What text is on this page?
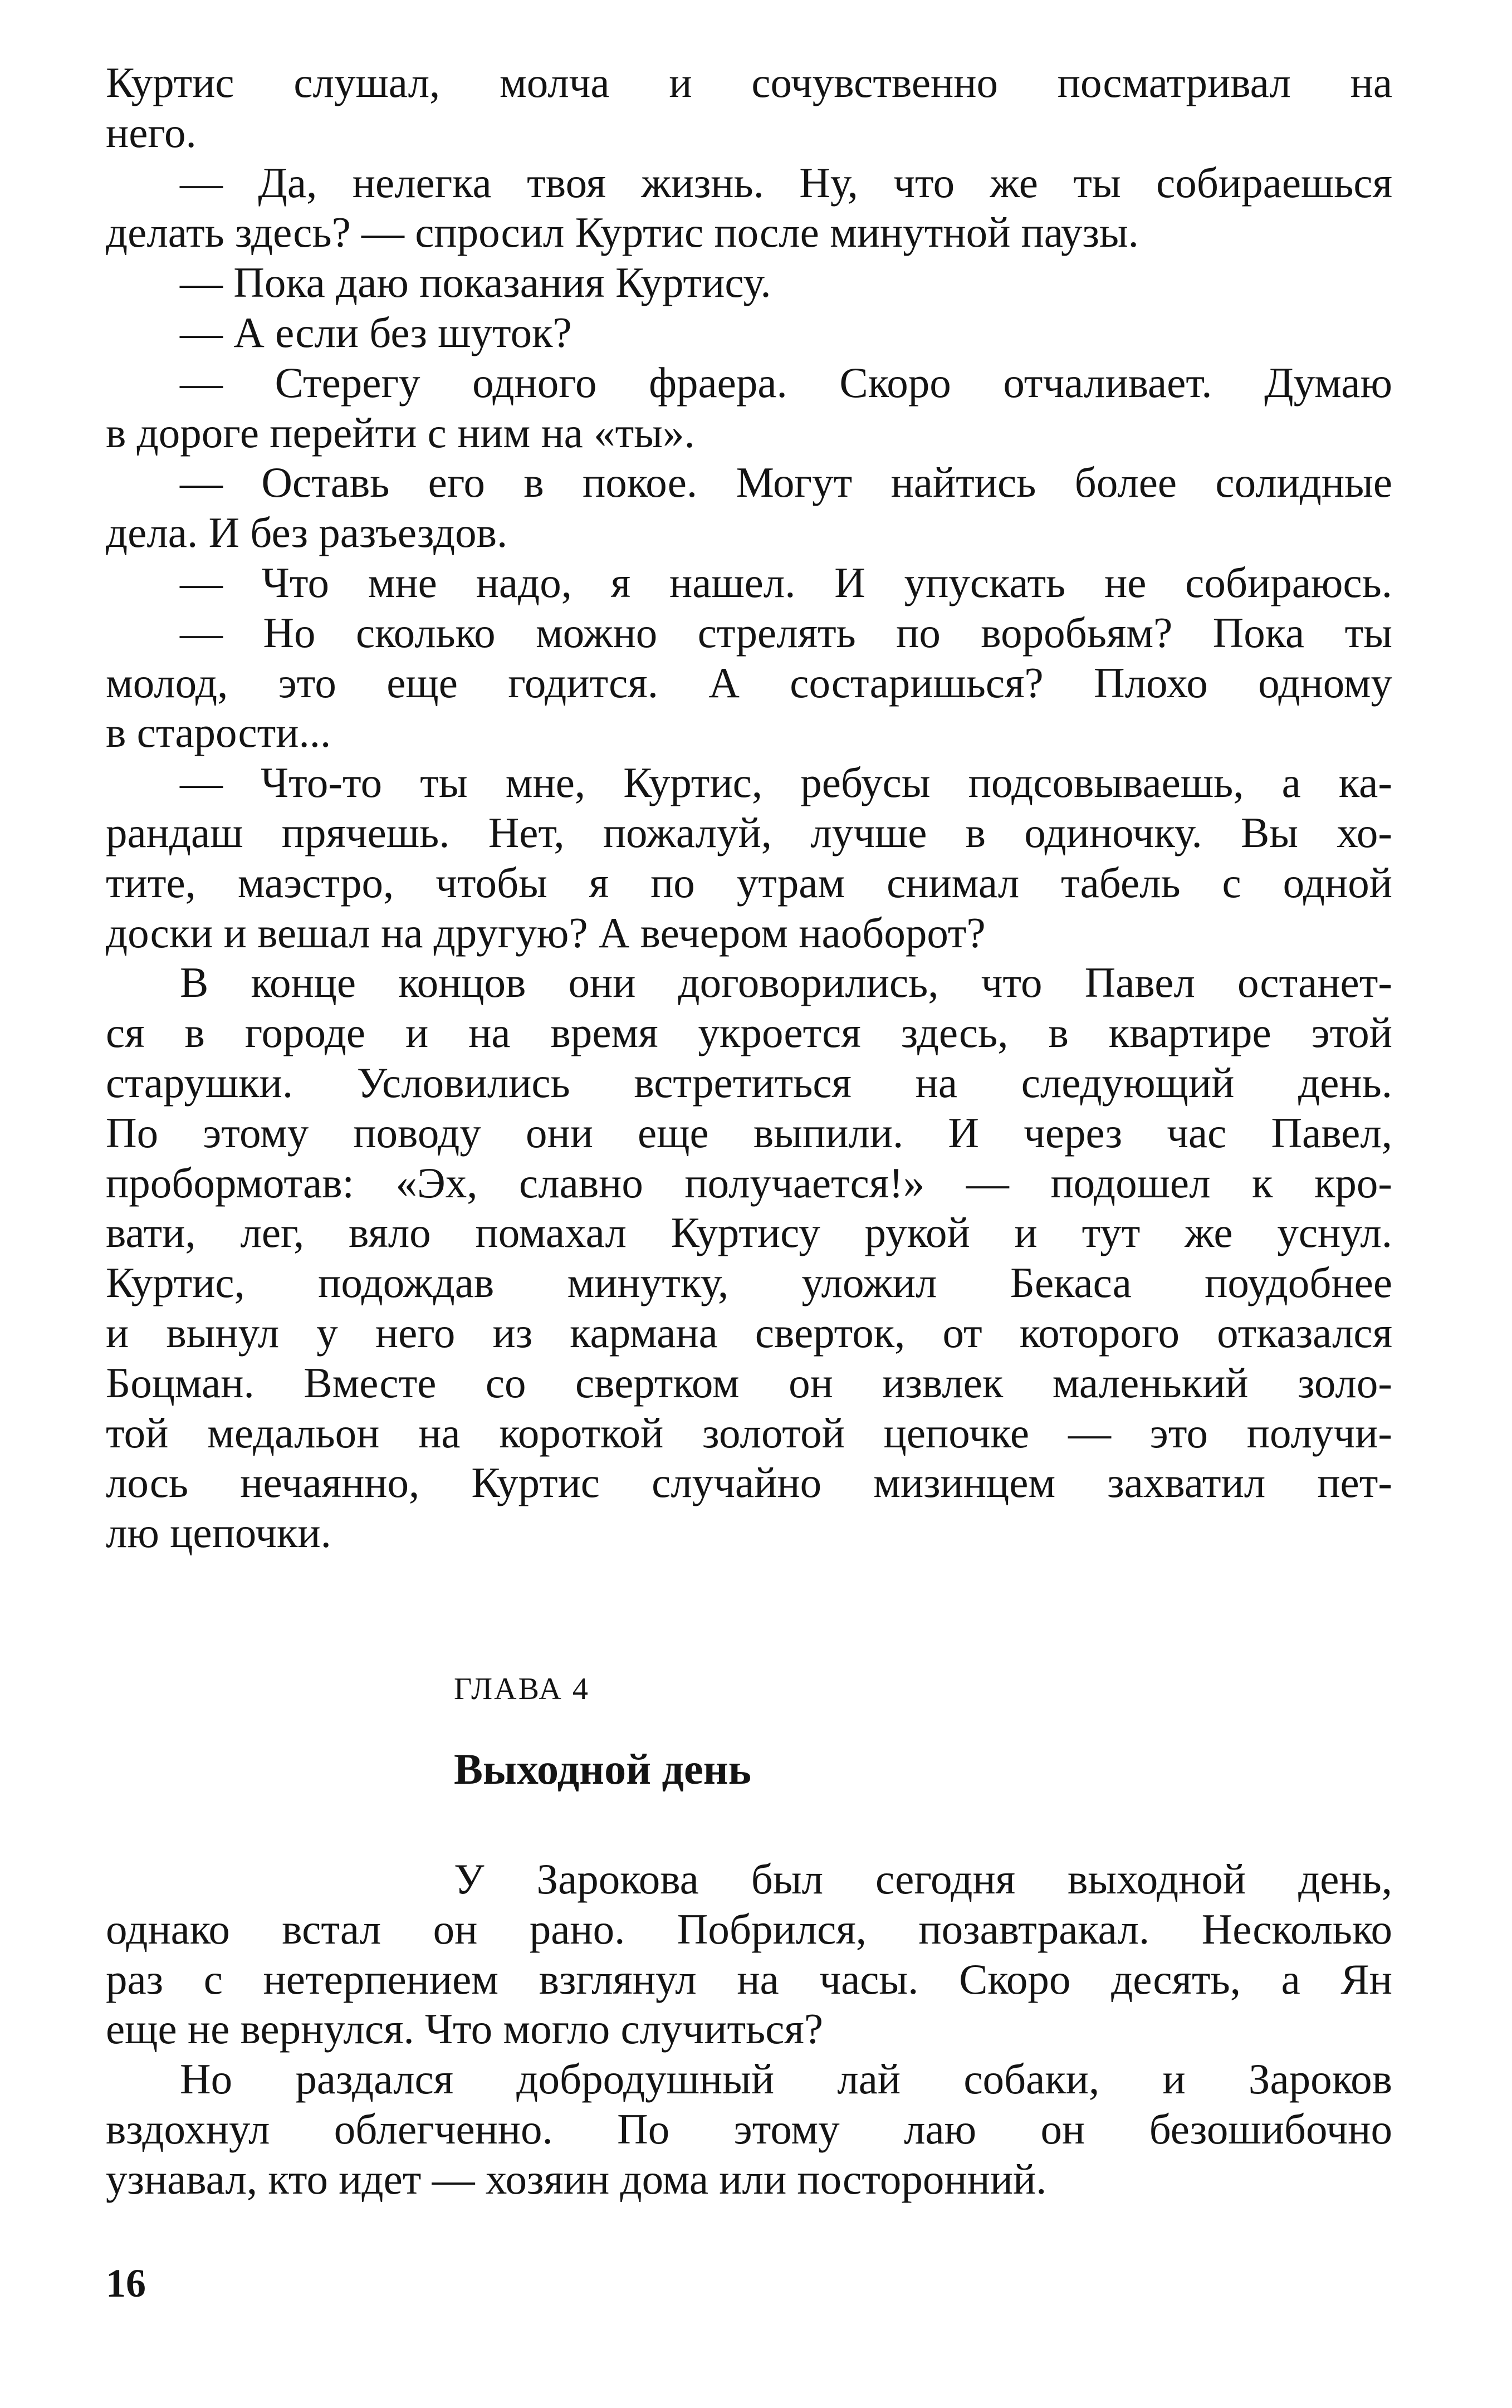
Куртис слушал, молча и сочувственно посматривал на
него.
— Да, нелегка твоя жизнь. Ну, что же ты собираешься
делать здесь? — спросил Куртис после минутной паузы.
— Пока даю показания Куртису.
— А если без шуток?
— Стерегу одного фраера. Скоро отчаливает. Думаю
в дороге перейти с ним на «ты».
— Оставь его в покое. Могут найтись более солидные
дела. И без разъездов.
— Что мне надо, я нашел. И упускать не собираюсь.
— Но сколько можно стрелять по воробьям? Пока ты
молод, это еще годится. А состаришься? Плохо одному
в старости...
— Что-то ты мне, Куртис, ребусы подсовываешь, а ка-
рандаш прячешь. Нет, пожалуй, лучше в одиночку. Вы хо-
тите, маэстро, чтобы я по утрам снимал табель с одной
доски и вешал на другую? А вечером наоборот?
В конце концов они договорились, что Павел останет-
ся в городе и на время укроется здесь, в квартире этой
старушки. Условились встретиться на следующий день.
По этому поводу они еще выпили. И через час Павел,
пробормотав: «Эх, славно получается!» — подошел к кро-
вати, лег, вяло помахал Куртису рукой и тут же уснул.
Куртис, подождав минутку, уложил Бекаса поудобнее
и вынул у него из кармана сверток, от которого отказался
Боцман. Вместе со свертком он извлек маленький золо-
той медальон на короткой золотой цепочке — это получи-
лось нечаянно, Куртис случайно мизинцем захватил пет-
лю цепочки.
ГЛАВА 4
Выходной день
У Зарокова был сегодня выходной день,
однако встал он рано. Побрился, позавтракал. Несколько
раз с нетерпением взглянул на часы. Скоро десять, а Ян
еще не вернулся. Что могло случиться?
Но раздался добродушный лай собаки, и Зароков
вздохнул облегченно. По этому лаю он безошибочно
узнавал, кто идет — хозяин дома или посторонний.
16
